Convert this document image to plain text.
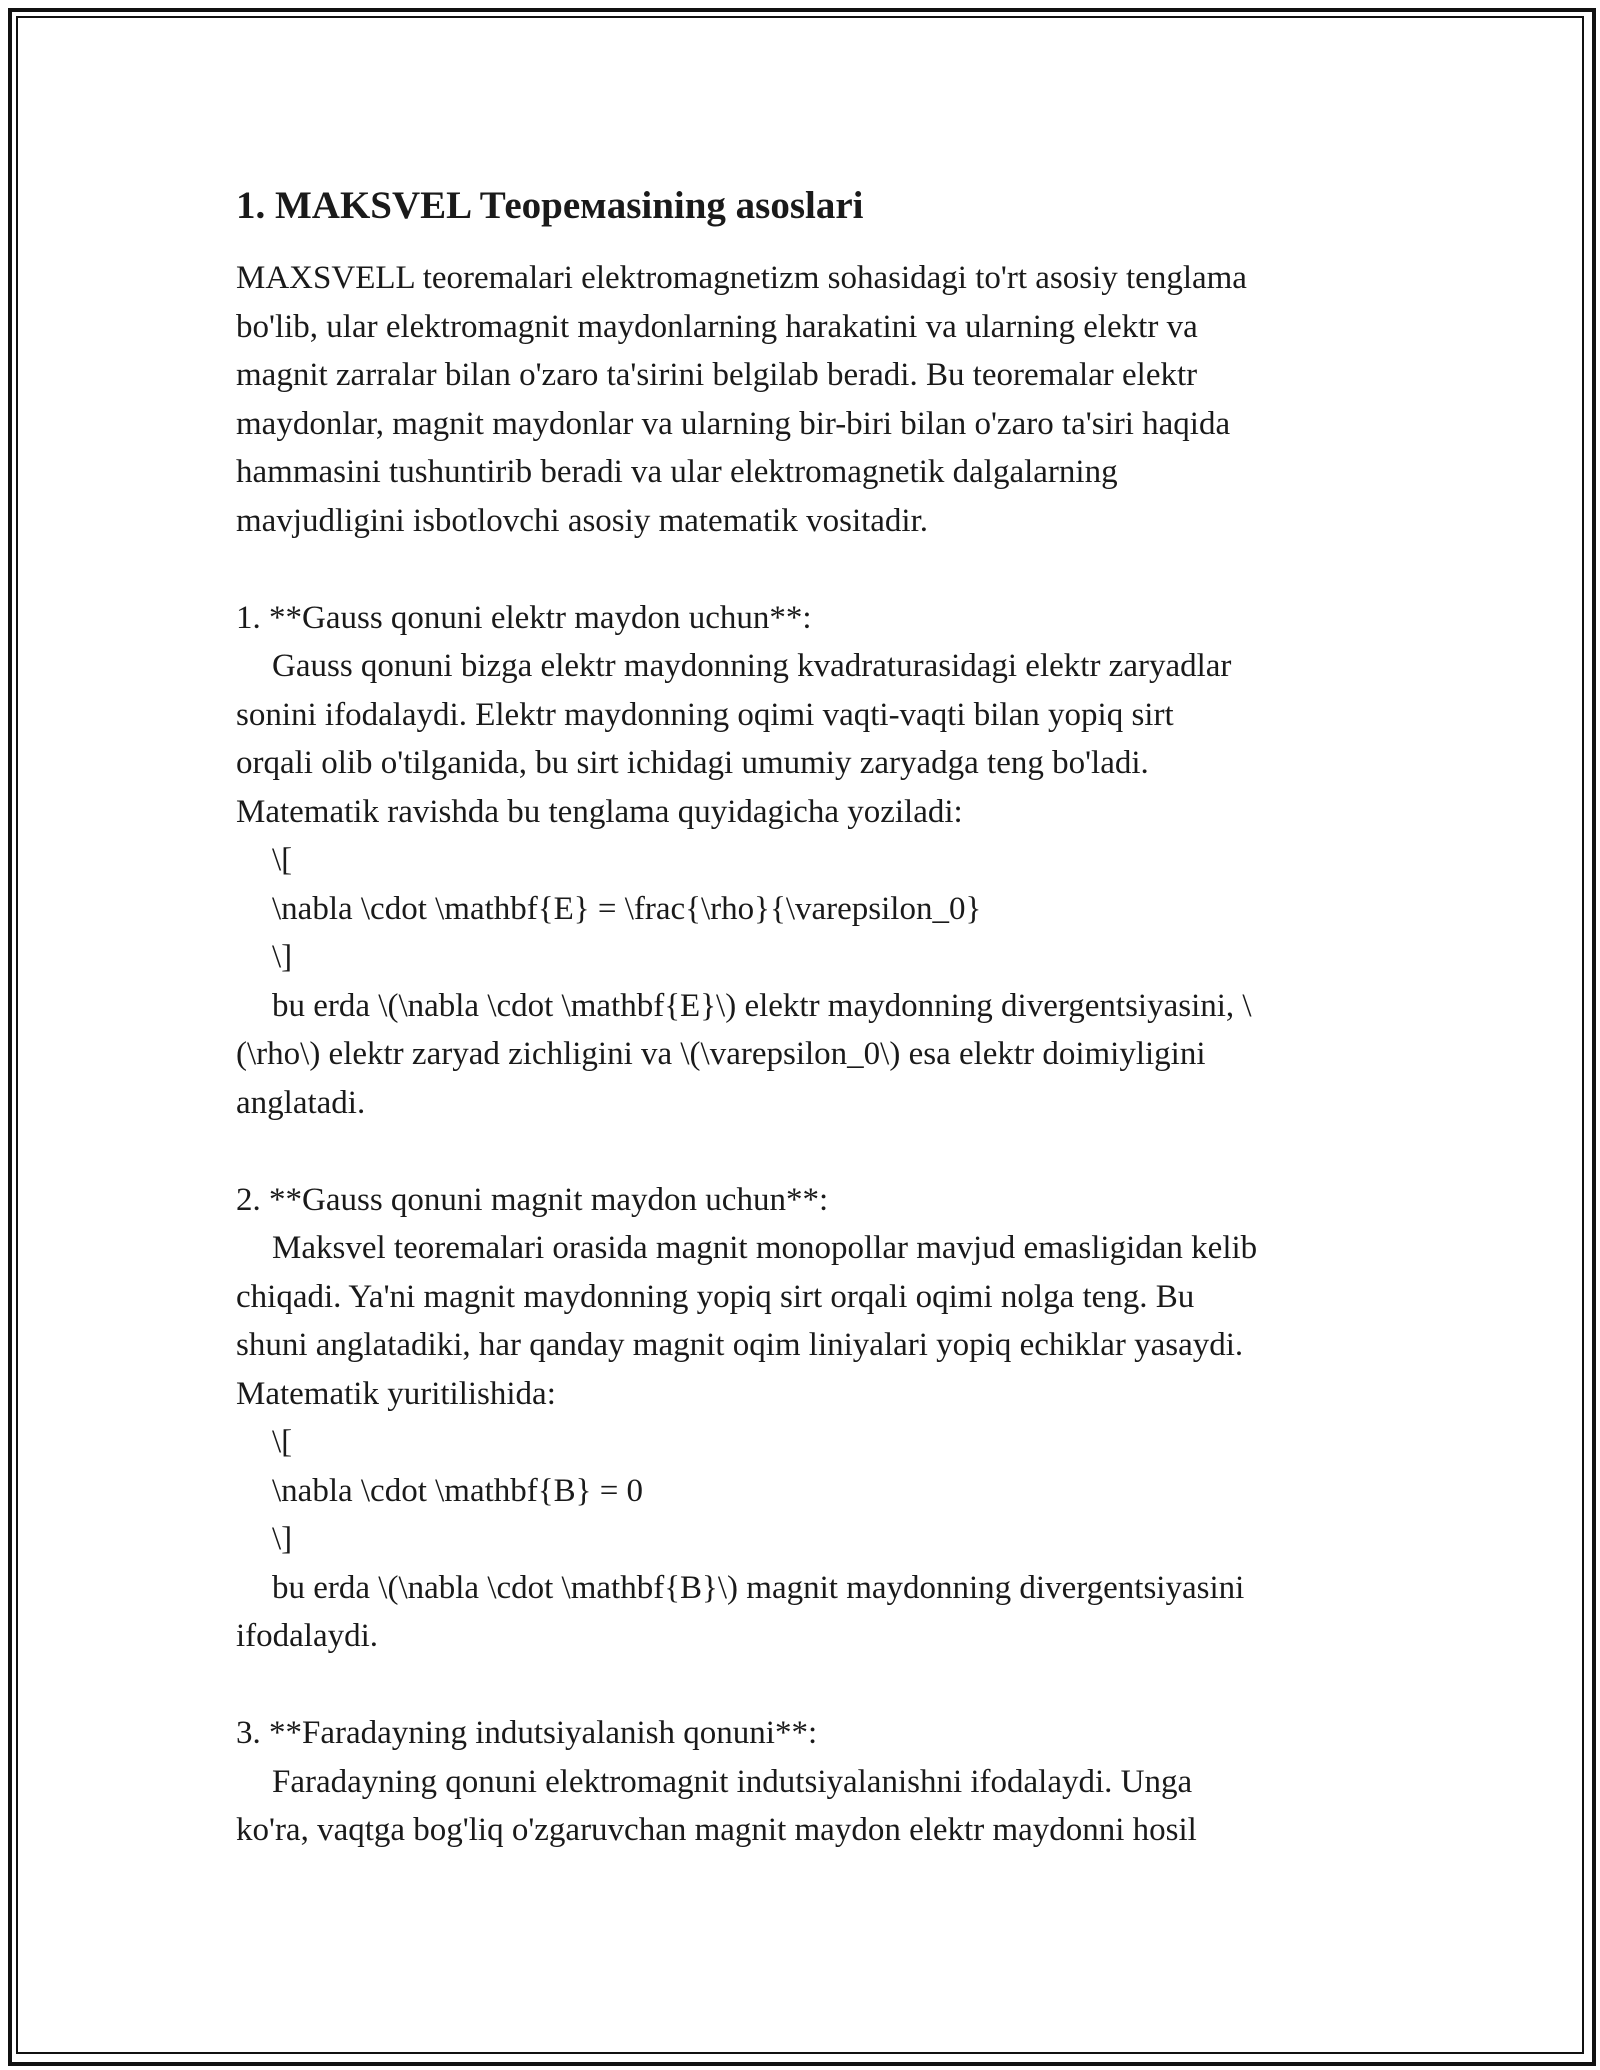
1. MAKSVEL Теоремasining asoslari
MAXSVELL teoremalari elektromagnetizm sohasidagi to'rt asosiy tenglama
bo'lib, ular elektromagnit maydonlarning harakatini va ularning elektr va
magnit zarralar bilan o'zaro ta'sirini belgilab beradi. Bu teoremalar elektr
maydonlar, magnit maydonlar va ularning bir-biri bilan o'zaro ta'siri haqida
hammasini tushuntirib beradi va ular elektromagnetik dalgalarning
mavjudligini isbotlovchi asosiy matematik vositadir.
1. **Gauss qonuni elektr maydon uchun**:
Gauss qonuni bizga elektr maydonning kvadraturasidagi elektr zaryadlar
sonini ifodalaydi. Elektr maydonning oqimi vaqti-vaqti bilan yopiq sirt
orqali olib o'tilganida, bu sirt ichidagi umumiy zaryadga teng bo'ladi.
Matematik ravishda bu tenglama quyidagicha yoziladi:
\[
\nabla \cdot \mathbf{E} = \frac{\rho}{\varepsilon_0}
\]
bu erda \(\nabla \cdot \mathbf{E}\) elektr maydonning divergentsiyasini, \
(\rho\) elektr zaryad zichligini va \(\varepsilon_0\) esa elektr doimiyligini
anglatadi.
2. **Gauss qonuni magnit maydon uchun**:
Maksvel teoremalari orasida magnit monopollar mavjud emasligidan kelib
chiqadi. Ya'ni magnit maydonning yopiq sirt orqali oqimi nolga teng. Bu
shuni anglatadiki, har qanday magnit oqim liniyalari yopiq echiklar yasaydi.
Matematik yuritilishida:
\[
\nabla \cdot \mathbf{B} = 0
\]
bu erda \(\nabla \cdot \mathbf{B}\) magnit maydonning divergentsiyasini
ifodalaydi.
3. **Faradayning indutsiyalanish qonuni**:
Faradayning qonuni elektromagnit indutsiyalanishni ifodalaydi. Unga
ko'ra, vaqtga bog'liq o'zgaruvchan magnit maydon elektr maydonni hosil
